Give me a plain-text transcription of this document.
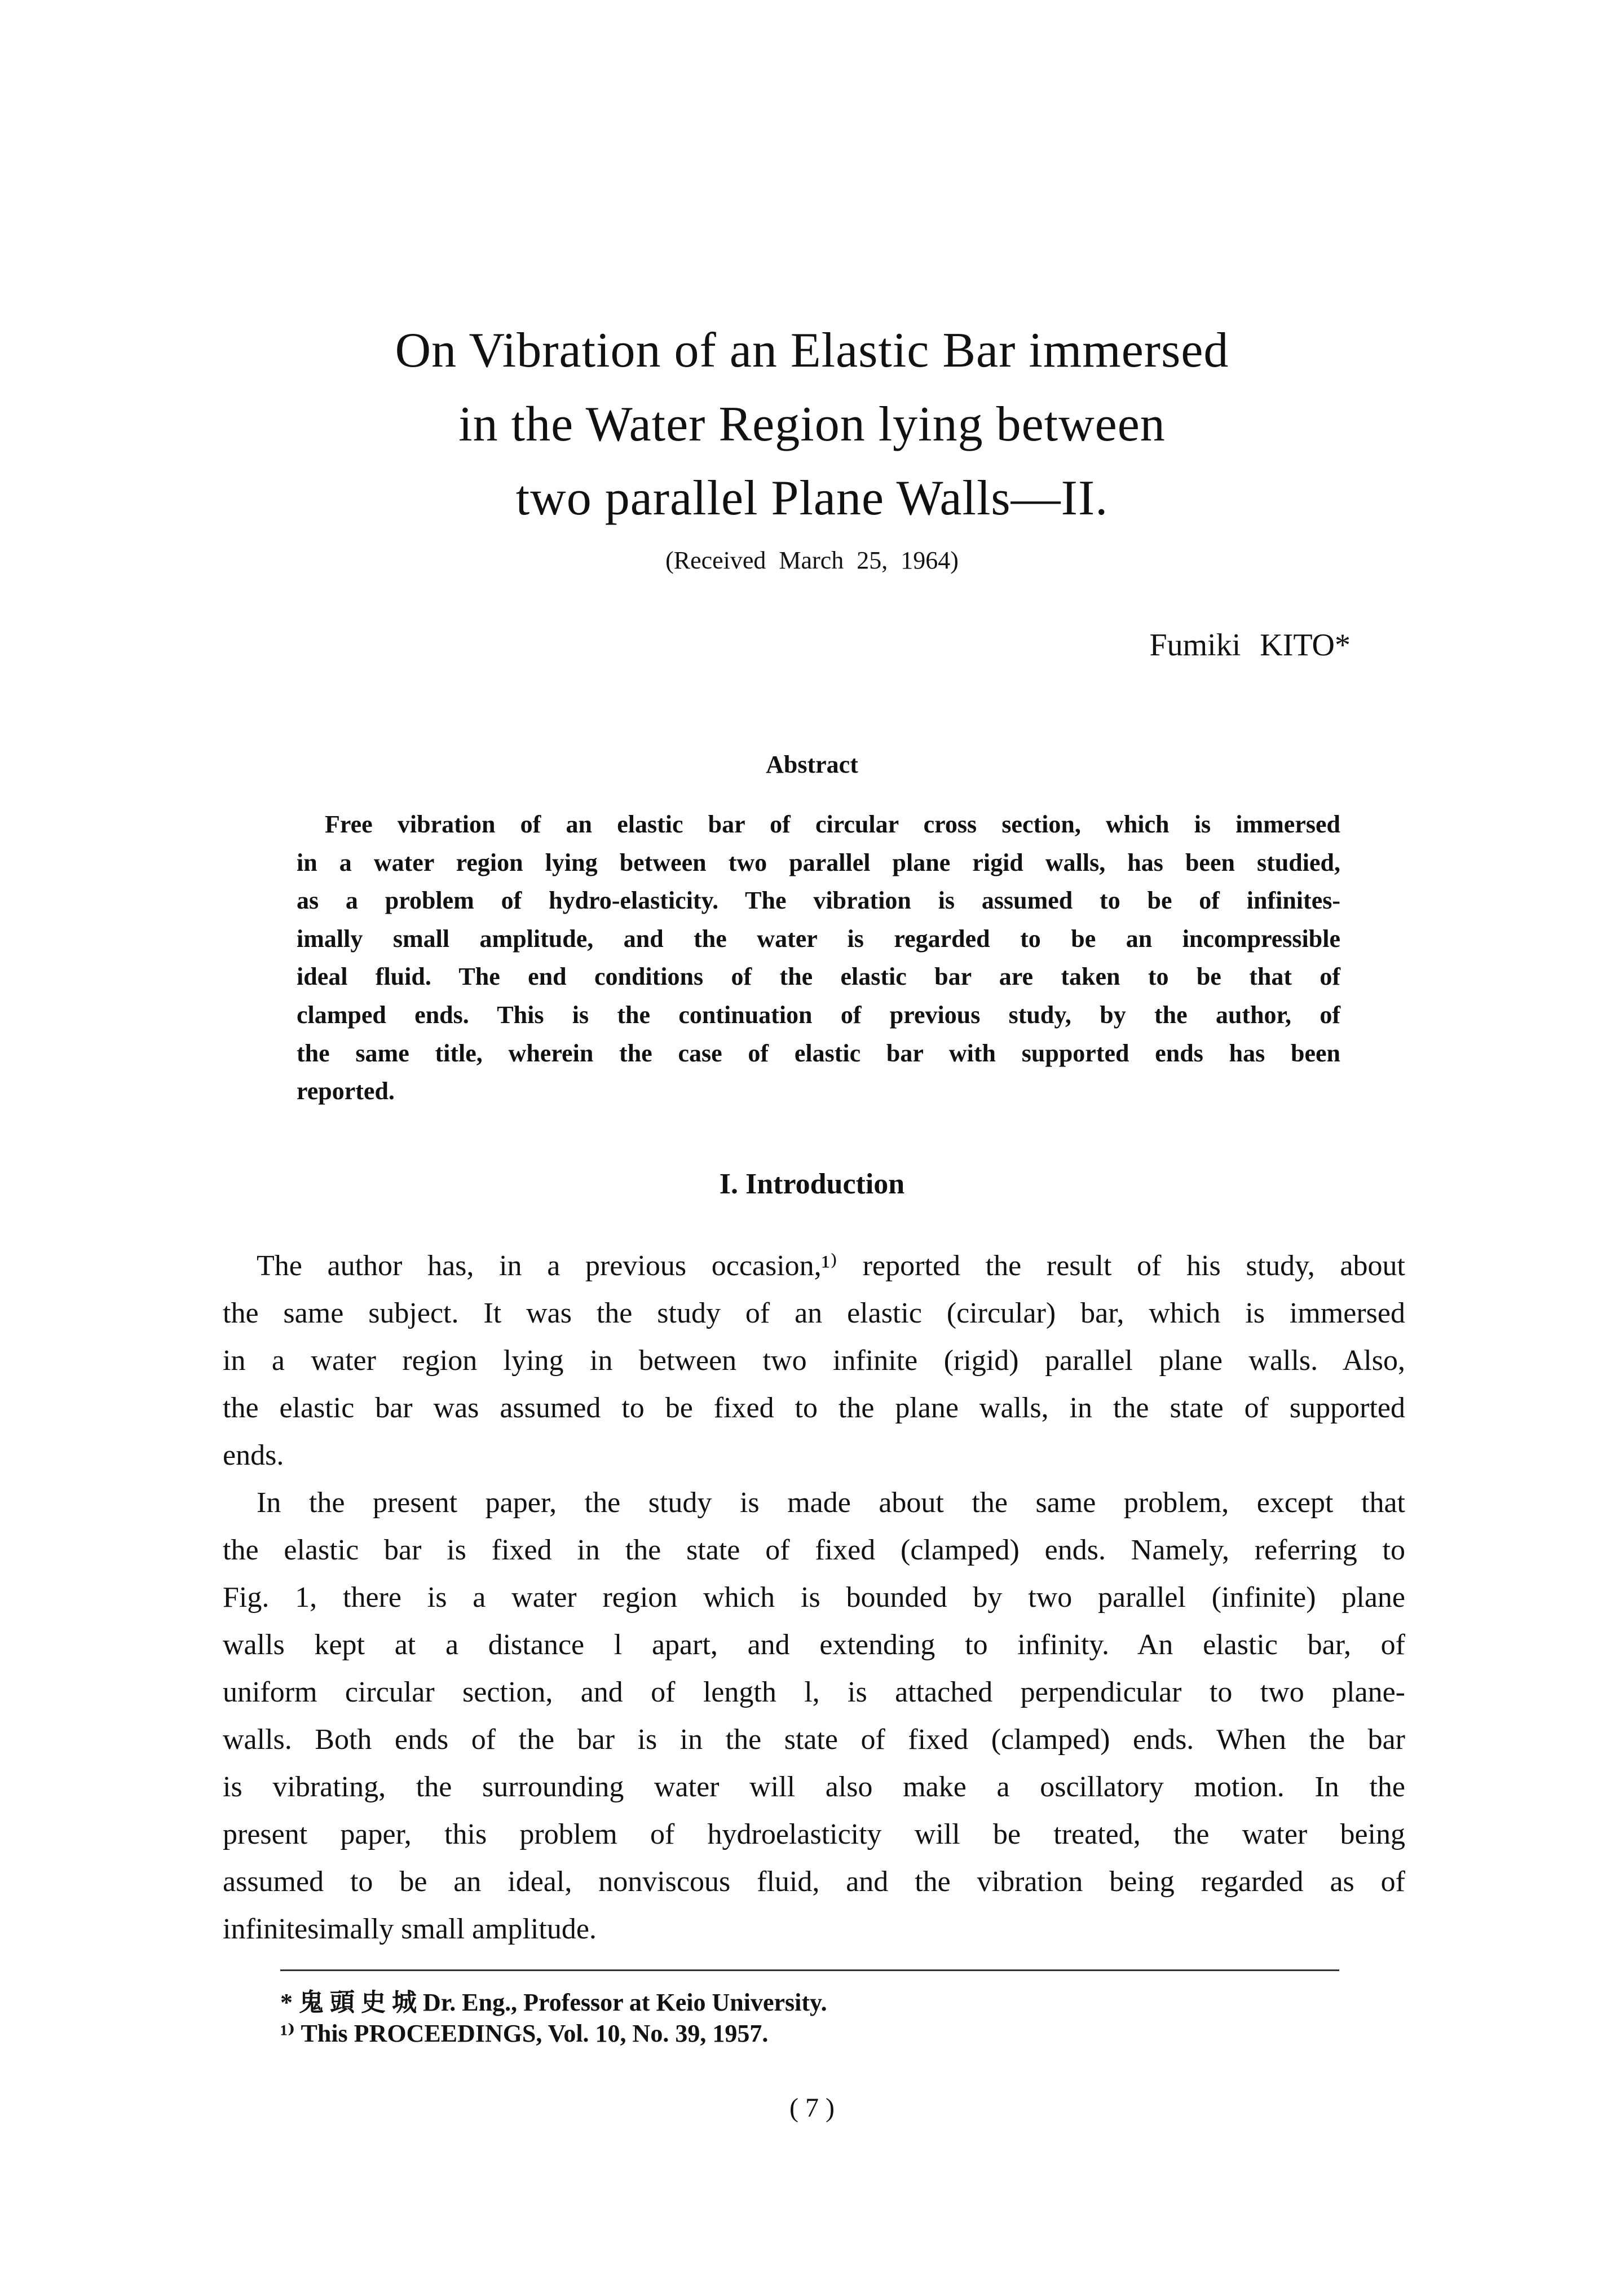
On Vibration of an Elastic Bar immersed
in the Water Region lying between
two parallel Plane Walls—II.
(Received March 25, 1964)
Fumiki KITO*
Abstract
Free vibration of an elastic bar of circular cross section, which is immersed
in a water region lying between two parallel plane rigid walls, has been studied,
as a problem of hydro-elasticity. The vibration is assumed to be of infinites-
imally small amplitude, and the water is regarded to be an incompressible
ideal fluid. The end conditions of the elastic bar are taken to be that of
clamped ends. This is the continuation of previous study, by the author, of
the same title, wherein the case of elastic bar with supported ends has been
reported.
I. Introduction
The author has, in a previous occasion,¹⁾ reported the result of his study, about
the same subject. It was the study of an elastic (circular) bar, which is immersed
in a water region lying in between two infinite (rigid) parallel plane walls. Also,
the elastic bar was assumed to be fixed to the plane walls, in the state of supported
ends.
In the present paper, the study is made about the same problem, except that
the elastic bar is fixed in the state of fixed (clamped) ends. Namely, referring to
Fig. 1, there is a water region which is bounded by two parallel (infinite) plane
walls kept at a distance l apart, and extending to infinity. An elastic bar, of
uniform circular section, and of length l, is attached perpendicular to two plane-
walls. Both ends of the bar is in the state of fixed (clamped) ends. When the bar
is vibrating, the surrounding water will also make a oscillatory motion. In the
present paper, this problem of hydroelasticity will be treated, the water being
assumed to be an ideal, nonviscous fluid, and the vibration being regarded as of
infinitesimally small amplitude.
* 鬼 頭 史 城 Dr. Eng., Professor at Keio University.
¹⁾ This PROCEEDINGS, Vol. 10, No. 39, 1957.
( 7 )
